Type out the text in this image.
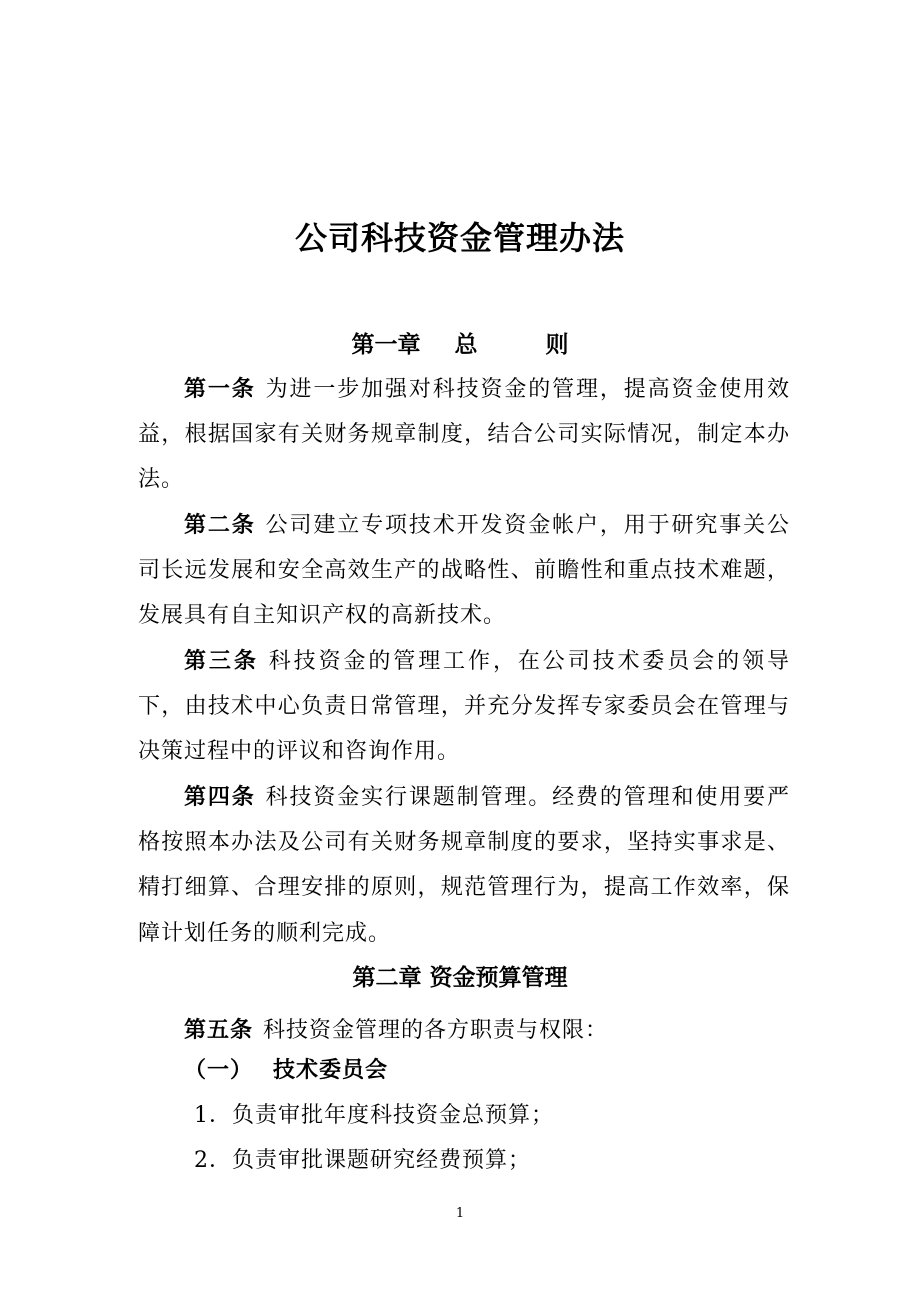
公司科技资金管理办法
第一章 总	则
第一条 为进一步加强对科技资金的管理，提高资金使用效益，根据国家有关财务规章制度，结合公司实际情况，制定本办法。
第二条 公司建立专项技术开发资金帐户，用于研究事关公司长远发展和安全高效生产的战略性、前瞻性和重点技术难题，发展具有自主知识产权的高新技术。
第三条 科技资金的管理工作，在公司技术委员会的领导下，由技术中心负责日常管理，并充分发挥专家委员会在管理与决策过程中的评议和咨询作用。
第四条 科技资金实行课题制管理。经费的管理和使用要严格按照本办法及公司有关财务规章制度的要求，坚持实事求是、精打细算、合理安排的原则，规范管理行为，提高工作效率，保障计划任务的顺利完成。
第二章 资金预算管理
第五条 科技资金管理的各方职责与权限：
（一） 技术委员会
1．负责审批年度科技资金总预算；
2．负责审批课题研究经费预算；
1
